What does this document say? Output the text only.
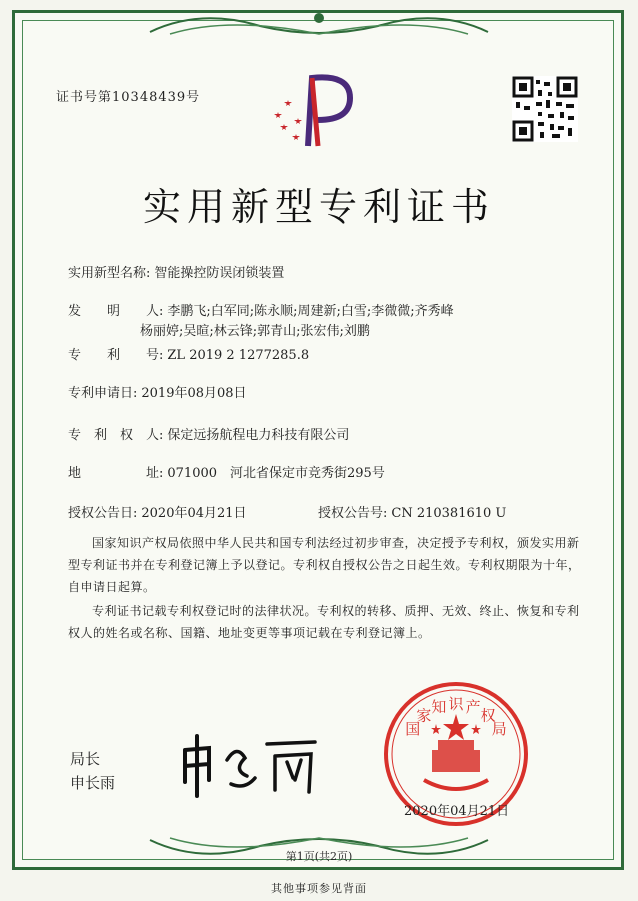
证书号第10348439号
实用新型专利证书
实用新型名称: 智能操控防误闭锁装置
发　　明　　人: 李鹏飞;白军同;陈永顺;周建新;白雪;李微微;齐秀峰
杨丽婷;吴暄;林云锋;郭青山;张宏伟;刘鹏
专　　利　　号: ZL 2019 2 1277285.8
专利申请日: 2019年08月08日
专　利　权　人: 保定远扬航程电力科技有限公司
地　　　　　址: 071000　河北省保定市竞秀街295号
授权公告日: 2020年04月21日	授权公告号: CN 210381610 U
国家知识产权局依照中华人民共和国专利法经过初步审查，决定授予专利权，颁发实用新型专利证书并在专利登记簿上予以登记。专利权自授权公告之日起生效。专利权期限为十年，自申请日起算。
专利证书记载专利权登记时的法律状况。专利权的转移、质押、无效、终止、恢复和专利权人的姓名或名称、国籍、地址变更等事项记载在专利登记簿上。
局长
申长雨
国家知 识 产权局
2020年04月21日
第1页(共2页)
其他事项参见背面
